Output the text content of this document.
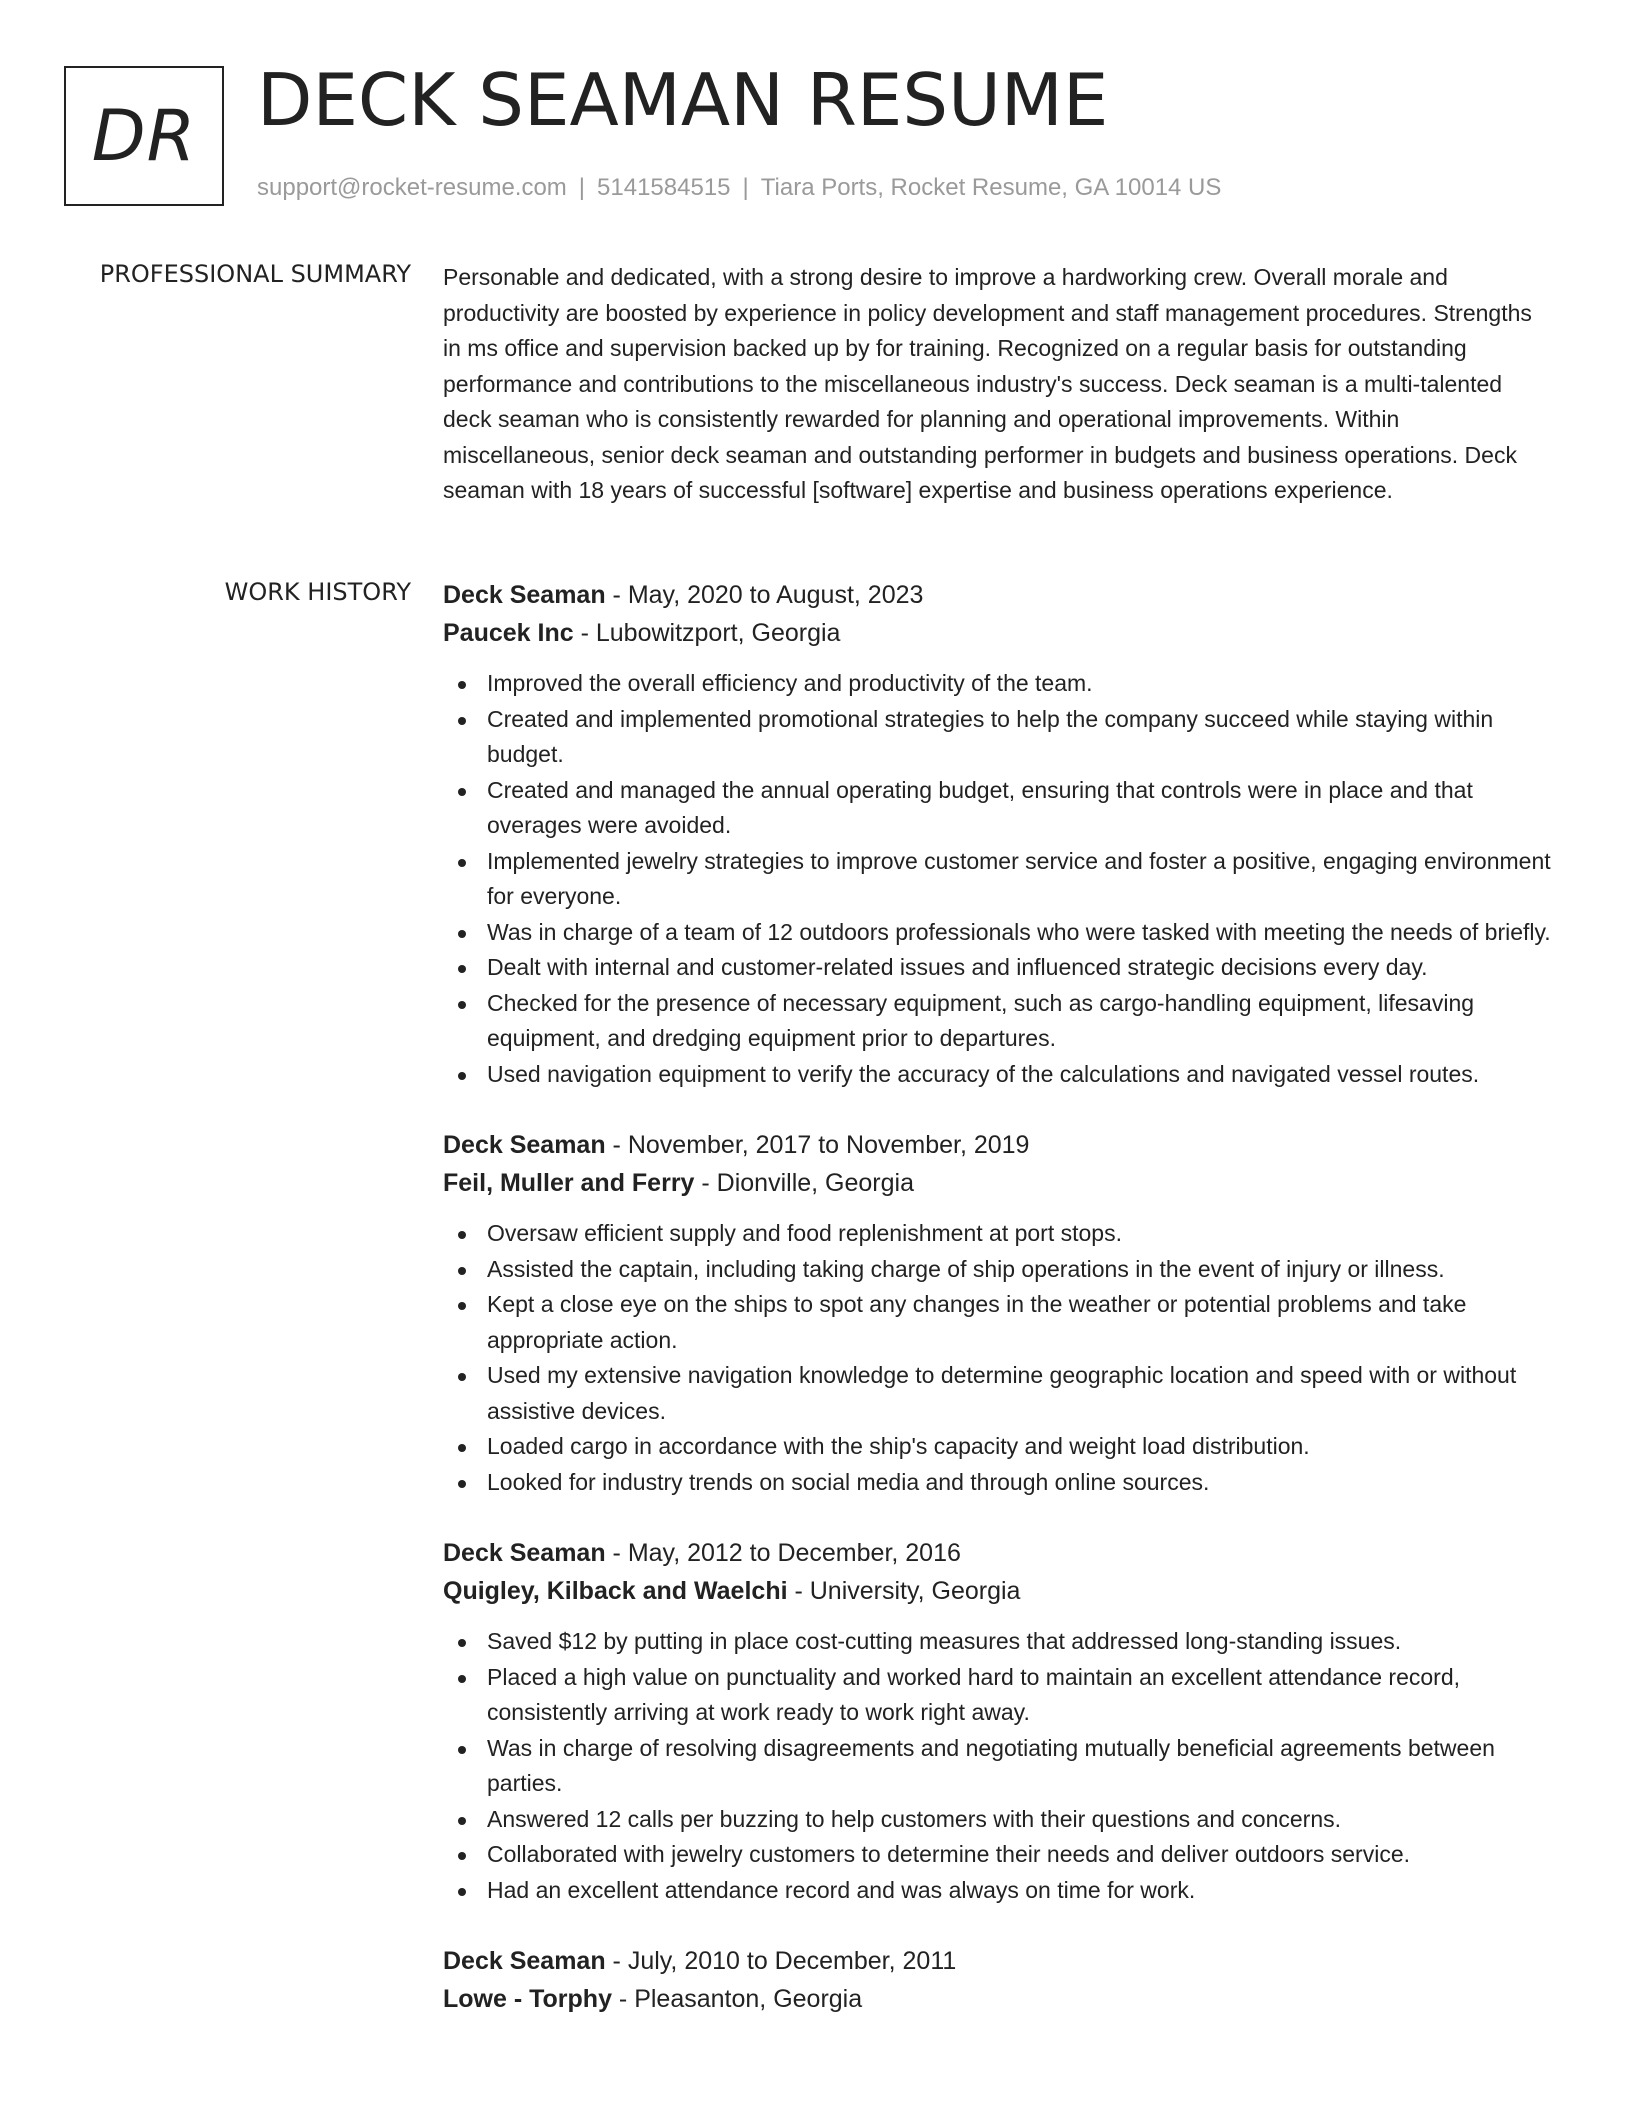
DR DECK SEAMAN RESUME
support@rocket-resume.com | 5141584515 | Tiara Ports, Rocket Resume, GA 10014 US
PROFESSIONAL SUMMARY Personable and dedicated, with a strong desire to improve a hardworking crew. Overall morale and productivity are boosted by experience in policy development and staff management procedures. Strengths in ms office and supervision backed up by for training. Recognized on a regular basis for outstanding performance and contributions to the miscellaneous industry's success. Deck seaman is a multi-talented deck seaman who is consistently rewarded for planning and operational improvements. Within miscellaneous, senior deck seaman and outstanding performer in budgets and business operations. Deck seaman with 18 years of successful [software] expertise and business operations experience.

WORK HISTORY Deck Seaman - May, 2020 to August, 2023
Paucek Inc - Lubowitzport, Georgia
Improved the overall efficiency and productivity of the team.
Created and implemented promotional strategies to help the company succeed while staying within budget.
Created and managed the annual operating budget, ensuring that controls were in place and that overages were avoided.
Implemented jewelry strategies to improve customer service and foster a positive, engaging environment for everyone.
Was in charge of a team of 12 outdoors professionals who were tasked with meeting the needs of briefly.
Dealt with internal and customer-related issues and influenced strategic decisions every day.
Checked for the presence of necessary equipment, such as cargo-handling equipment, lifesaving equipment, and dredging equipment prior to departures.
Used navigation equipment to verify the accuracy of the calculations and navigated vessel routes.
Deck Seaman - November, 2017 to November, 2019
Feil, Muller and Ferry - Dionville, Georgia
Oversaw efficient supply and food replenishment at port stops.
Assisted the captain, including taking charge of ship operations in the event of injury or illness.
Kept a close eye on the ships to spot any changes in the weather or potential problems and take appropriate action.
Used my extensive navigation knowledge to determine geographic location and speed with or without assistive devices.
Loaded cargo in accordance with the ship's capacity and weight load distribution.
Looked for industry trends on social media and through online sources.
Deck Seaman - May, 2012 to December, 2016
Quigley, Kilback and Waelchi - University, Georgia
Saved $12 by putting in place cost-cutting measures that addressed long-standing issues.
Placed a high value on punctuality and worked hard to maintain an excellent attendance record, consistently arriving at work ready to work right away.
Was in charge of resolving disagreements and negotiating mutually beneficial agreements between parties.
Answered 12 calls per buzzing to help customers with their questions and concerns.
Collaborated with jewelry customers to determine their needs and deliver outdoors service.
Had an excellent attendance record and was always on time for work.
Deck Seaman - July, 2010 to December, 2011
Lowe - Torphy - Pleasanton, Georgia
